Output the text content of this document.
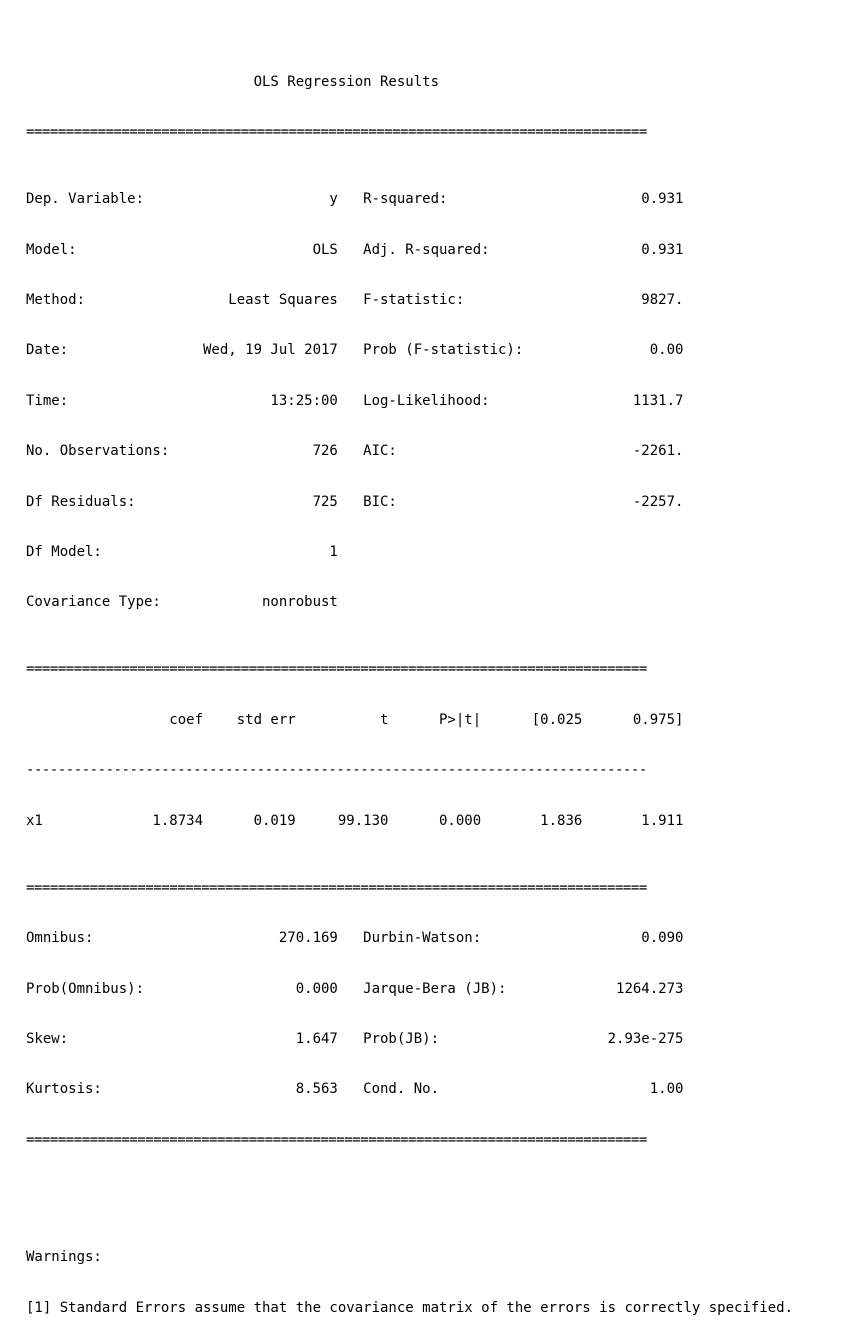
OLS Regression Results

==============================================================================

Dep. Variable:                      y   R-squared:                       0.931

Model:                            OLS   Adj. R-squared:                  0.931

Method:                 Least Squares   F-statistic:                     9827.

Date:                Wed, 19 Jul 2017   Prob (F-statistic):               0.00

Time:                        13:25:00   Log-Likelihood:                 1131.7

No. Observations:                 726   AIC:                            -2261.

Df Residuals:                     725   BIC:                            -2257.

Df Model:                           1

Covariance Type:            nonrobust

==============================================================================

coef    std err          t      P>|t|      [0.025      0.975]

------------------------------------------------------------------------------

x1             1.8734      0.019     99.130      0.000       1.836       1.911

==============================================================================

Omnibus:                      270.169   Durbin-Watson:                   0.090

Prob(Omnibus):                  0.000   Jarque-Bera (JB):             1264.273

Skew:                           1.647   Prob(JB):                    2.93e-275

Kurtosis:                       8.563   Cond. No.                         1.00

==============================================================================

Warnings:

[1] Standard Errors assume that the covariance matrix of the errors is correctly specified.
